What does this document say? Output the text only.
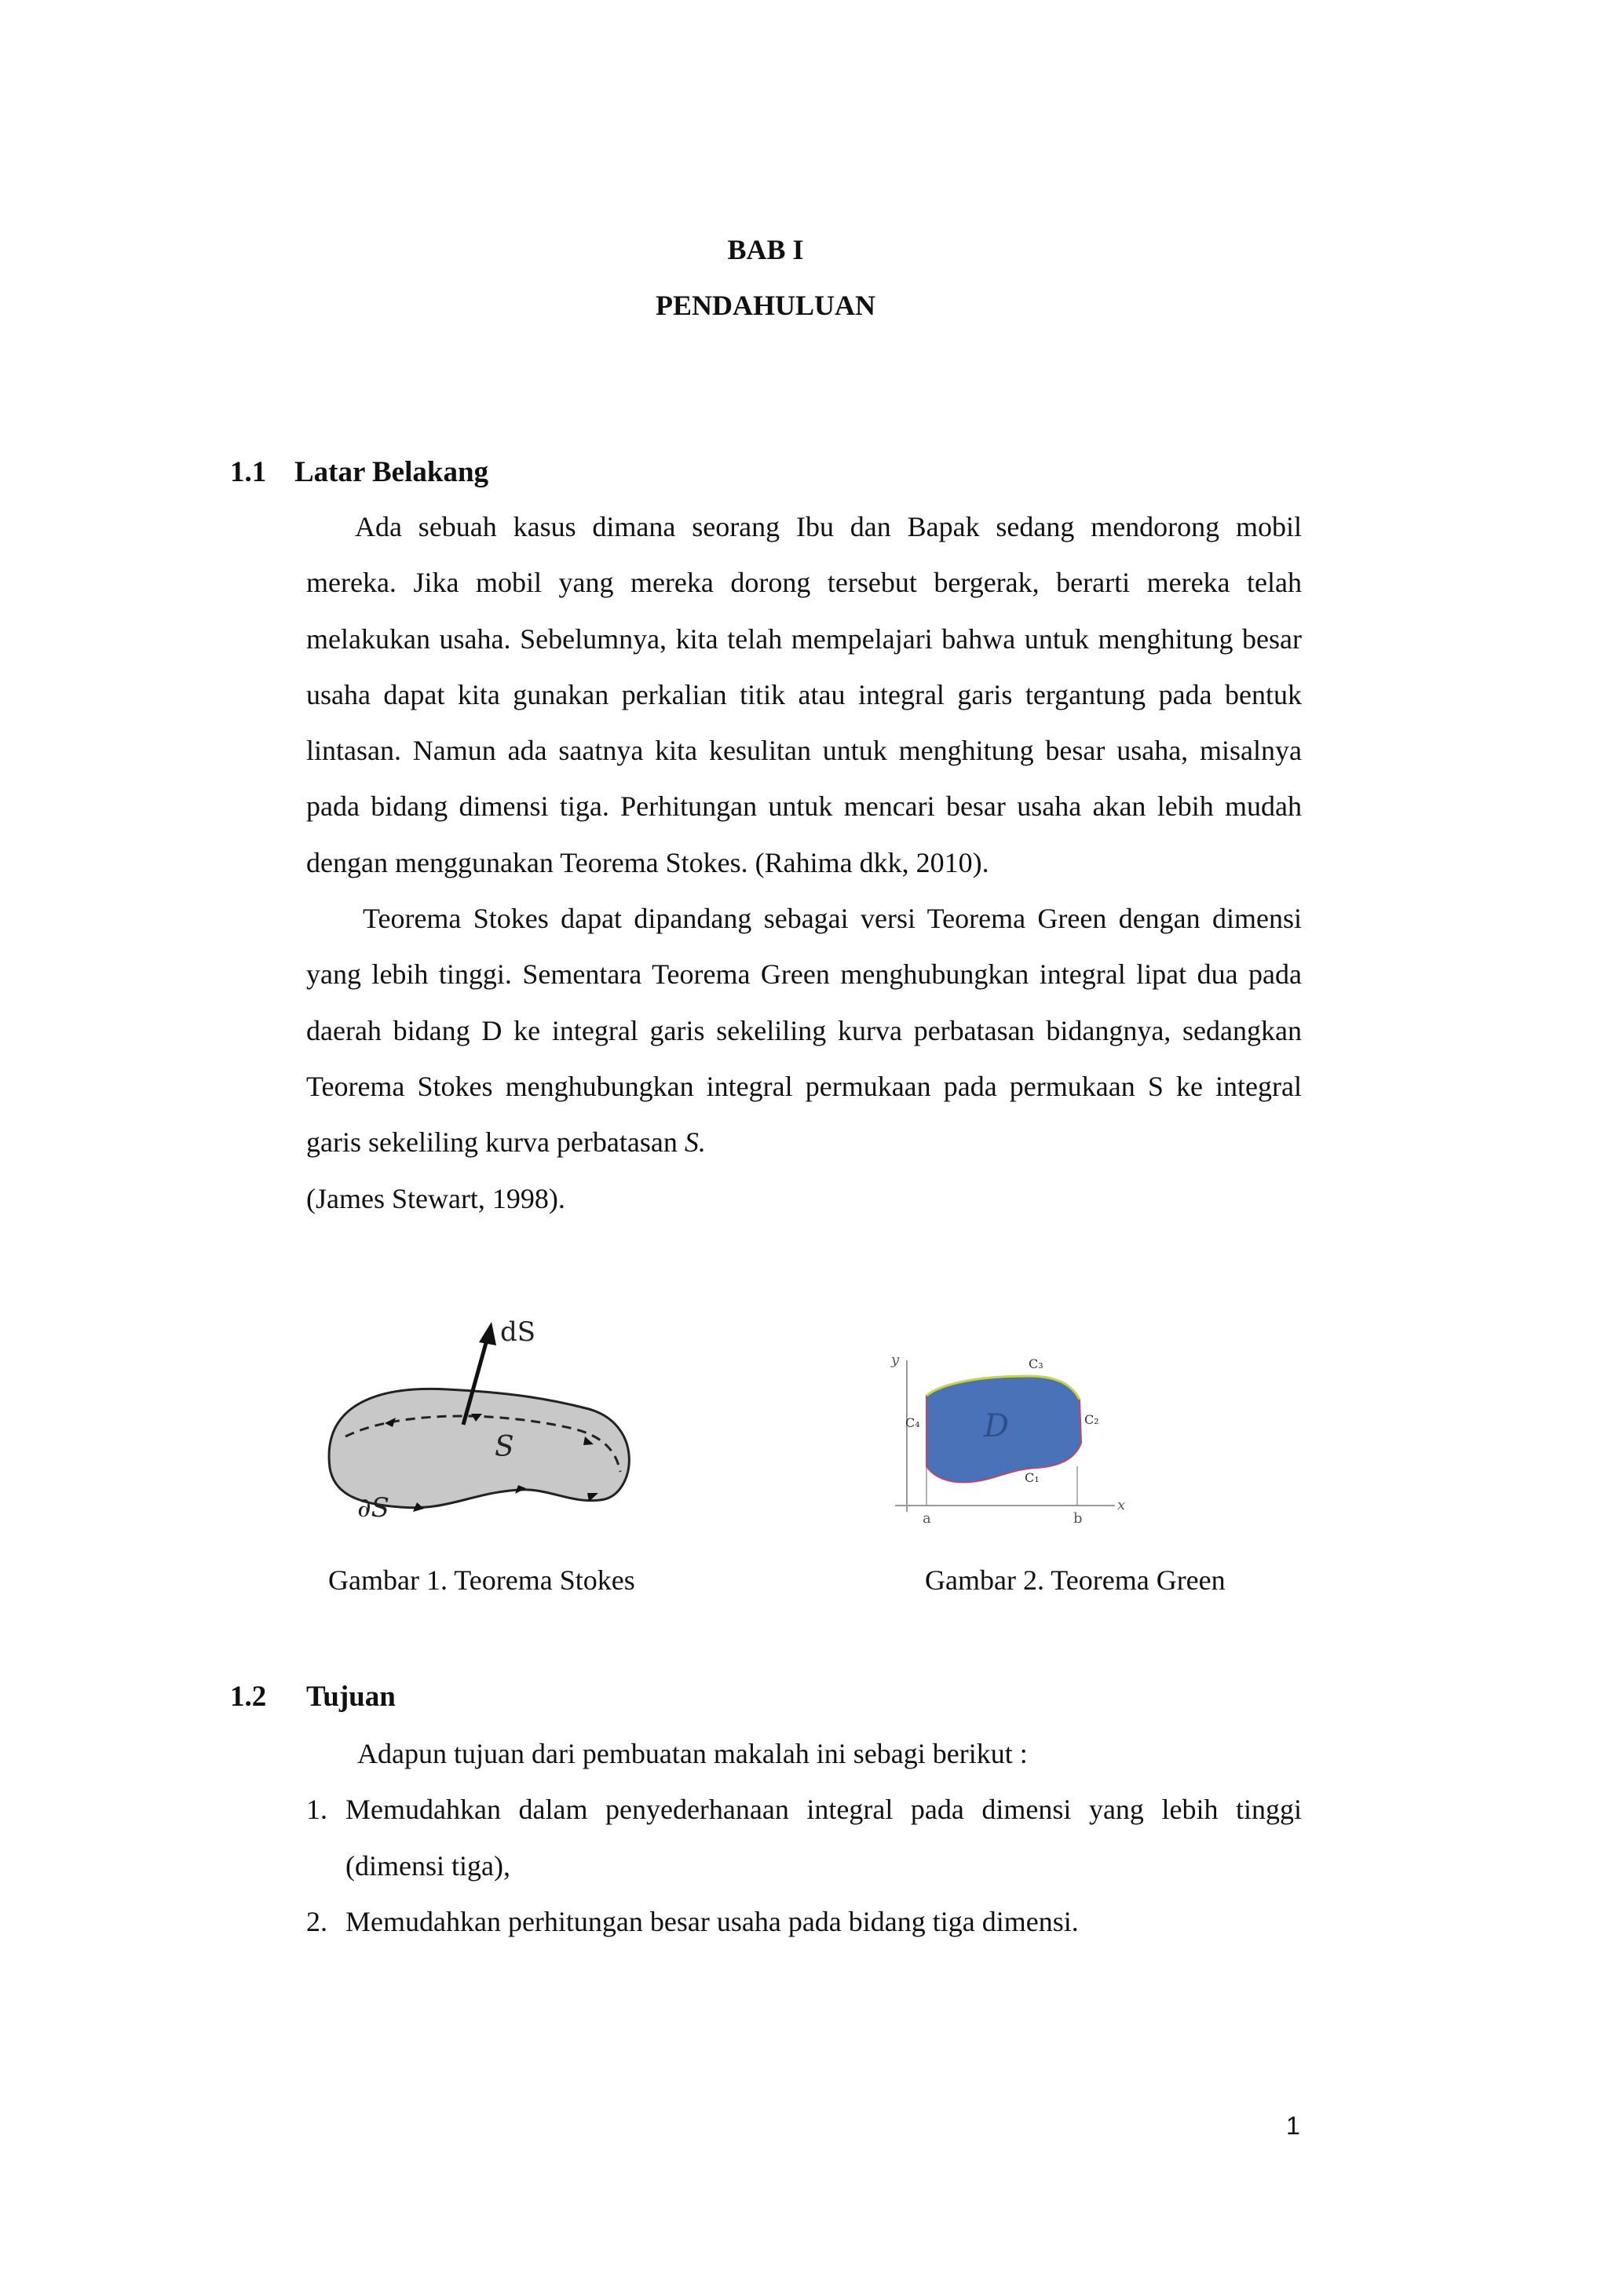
BAB I
PENDAHULUAN
1.1 Latar Belakang

Ada sebuah kasus dimana seorang Ibu dan Bapak sedang mendorong mobil mereka. Jika mobil yang mereka dorong tersebut bergerak, berarti mereka telah melakukan usaha. Sebelumnya, kita telah mempelajari bahwa untuk menghitung besar usaha dapat kita gunakan perkalian titik atau integral garis tergantung pada bentuk lintasan. Namun ada saatnya kita kesulitan untuk menghitung besar usaha, misalnya pada bidang dimensi tiga. Perhitungan untuk mencari besar usaha akan lebih mudah dengan menggunakan Teorema Stokes. (Rahima dkk, 2010).

Teorema Stokes dapat dipandang sebagai versi Teorema Green dengan dimensi yang lebih tinggi. Sementara Teorema Green menghubungkan integral lipat dua pada daerah bidang D ke integral garis sekeliling kurva perbatasan bidangnya, sedangkan Teorema Stokes menghubungkan integral permukaan pada permukaan S ke integral garis sekeliling kurva perbatasan S.

(James Stewart, 1998).
dS
S
∂S
y
x
a	b
D
C₃
C₄	C₂
C₁
Gambar 1. Teorema Stokes	Gambar 2. Teorema Green
1.2 Tujuan
Adapun tujuan dari pembuatan makalah ini sebagi berikut :
1. Memudahkan dalam penyederhanaan integral pada dimensi yang lebih tinggi (dimensi tiga),
2. Memudahkan perhitungan besar usaha pada bidang tiga dimensi.
1
